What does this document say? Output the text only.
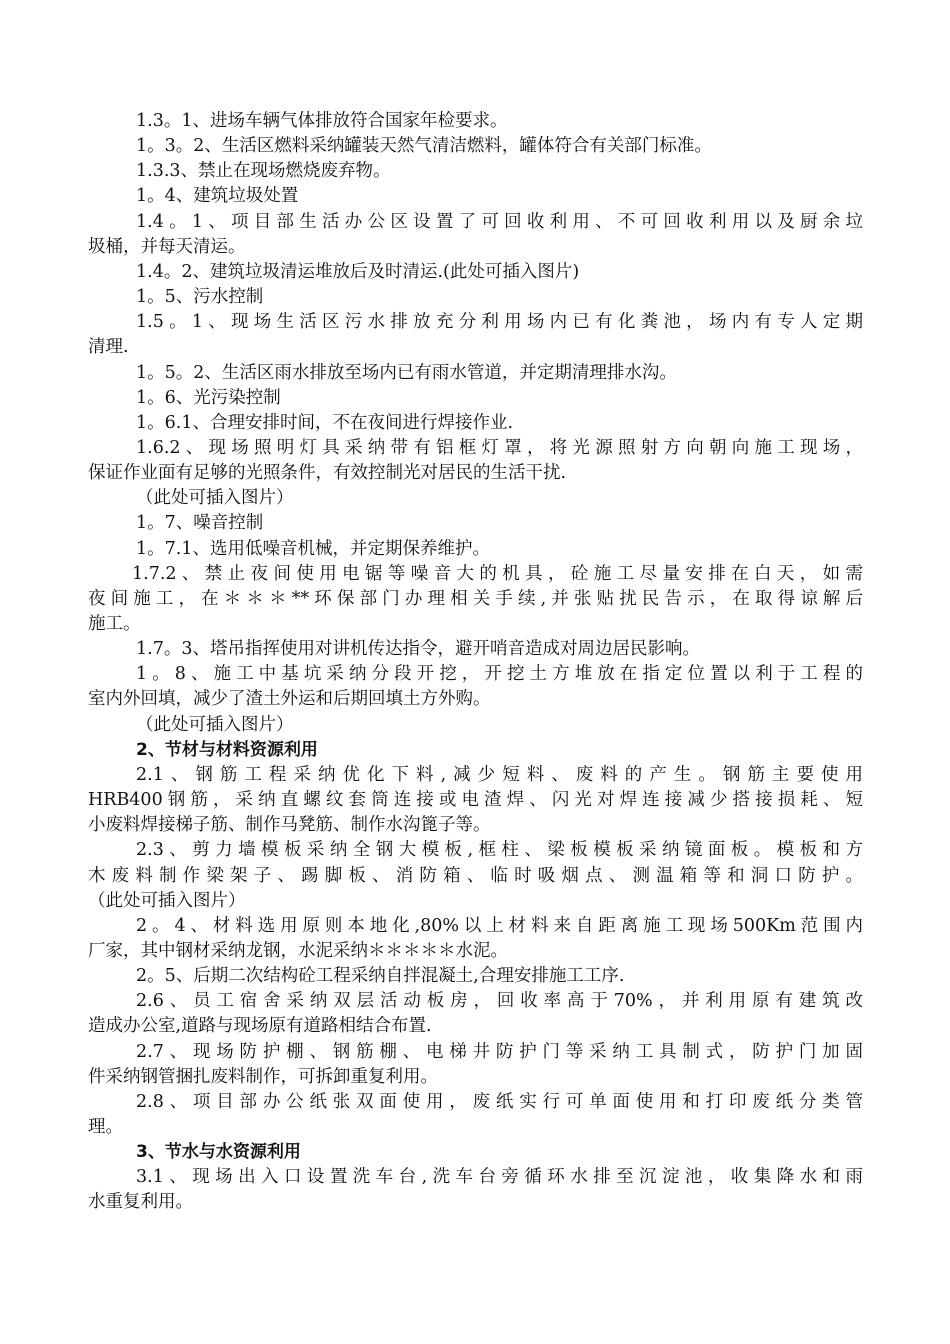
1.3。1、进场车辆气体排放符合国家年检要求。
1。3。2、生活区燃料采纳罐装天然气清洁燃料，罐体符合有关部门标准。
1.3.3、禁止在现场燃烧废弃物。
1。4、建筑垃圾处置
1.4。1、项目部生活办公区设置了可回收利用、不可回收利用以及厨余垃
圾桶，并每天清运。
1.4。2、建筑垃圾清运堆放后及时清运.(此处可插入图片)
1。5、污水控制
1.5。1、现场生活区污水排放充分利用场内已有化粪池，场内有专人定期
清理.
1。5。2、生活区雨水排放至场内已有雨水管道，并定期清理排水沟。
1。6、光污染控制
1。6.1、合理安排时间，不在夜间进行焊接作业.
1.6.2、现场照明灯具采纳带有铝框灯罩，将光源照射方向朝向施工现场，
保证作业面有足够的光照条件，有效控制光对居民的生活干扰.
（此处可插入图片）
1。7、噪音控制
1。7.1、选用低噪音机械，并定期保养维护。
1.7.2、禁止夜间使用电锯等噪音大的机具，砼施工尽量安排在白天，如需
夜间施工，在＊＊＊**环保部门办理相关手续,并张贴扰民告示，在取得谅解后
施工。
1.7。3、塔吊指挥使用对讲机传达指令，避开哨音造成对周边居民影响。
1。8、施工中基坑采纳分段开挖，开挖土方堆放在指定位置以利于工程的
室内外回填，减少了渣土外运和后期回填土方外购。
（此处可插入图片）
2、节材与材料资源利用
2.1、钢筋工程采纳优化下料,减少短料、废料的产生。钢筋主要使用
HRB400钢筋，采纳直螺纹套筒连接或电渣焊、闪光对焊连接减少搭接损耗、短
小废料焊接梯子筋、制作马凳筋、制作水沟篦子等。
2.3、剪力墙模板采纳全钢大模板,框柱、梁板模板采纳镜面板。模板和方
木废料制作梁架子、踢脚板、消防箱、临时吸烟点、测温箱等和洞口防护。
（此处可插入图片）
2。4、材料选用原则本地化,80%以上材料来自距离施工现场500Km范围内
厂家，其中钢材采纳龙钢，水泥采纳＊＊＊＊＊水泥。
2。5、后期二次结构砼工程采纳自拌混凝土,合理安排施工工序.
2.6、员工宿舍采纳双层活动板房，回收率高于70%，并利用原有建筑改
造成办公室,道路与现场原有道路相结合布置.
2.7、现场防护棚、钢筋棚、电梯井防护门等采纳工具制式，防护门加固
件采纳钢管捆扎废料制作，可拆卸重复利用。
2.8、项目部办公纸张双面使用，废纸实行可单面使用和打印废纸分类管
理。
3、节水与水资源利用
3.1、现场出入口设置洗车台,洗车台旁循环水排至沉淀池，收集降水和雨
水重复利用。
